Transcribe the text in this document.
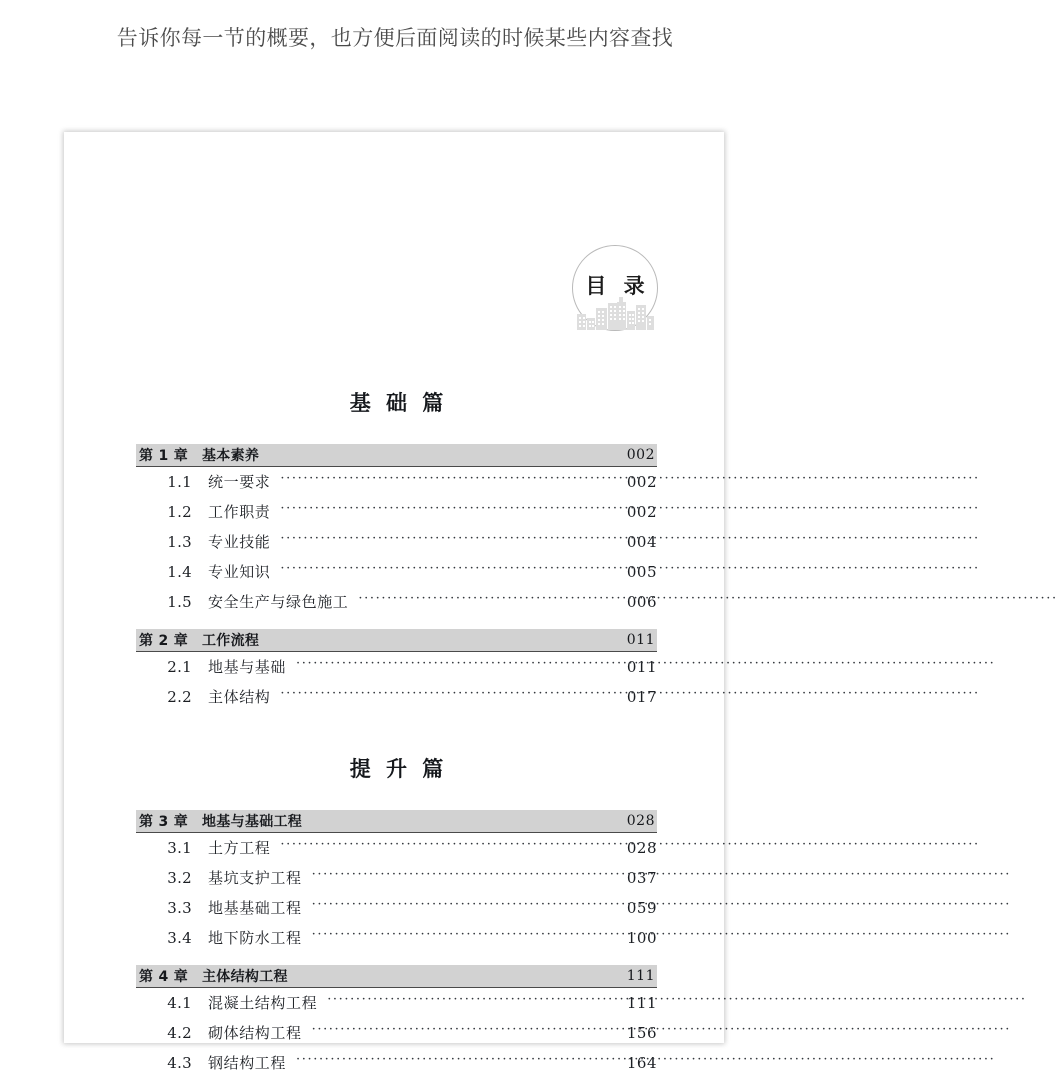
告诉你每一节的概要，也方便后面阅读的时候某些内容查找
目 录
基 础 篇
第 1 章 基本素养	002
1.1 统一要求 ·····	002
1.2 工作职责 ·····	002
1.3 专业技能 ·····	004
1.4 专业知识 ·····	005
1.5 安全生产与绿色施工 ·····	006
第 2 章 工作流程	011
2.1 地基与基础 ·····	011
2.2 主体结构 ·····	017
提 升 篇
第 3 章 地基与基础工程	028
3.1 土方工程 ·····	028
3.2 基坑支护工程 ·····	037
3.3 地基基础工程 ·····	059
3.4 地下防水工程 ·····	100
第 4 章 主体结构工程	111
4.1 混凝土结构工程 ·····	111
4.2 砌体结构工程 ·····	156
4.3 钢结构工程 ·····	164
